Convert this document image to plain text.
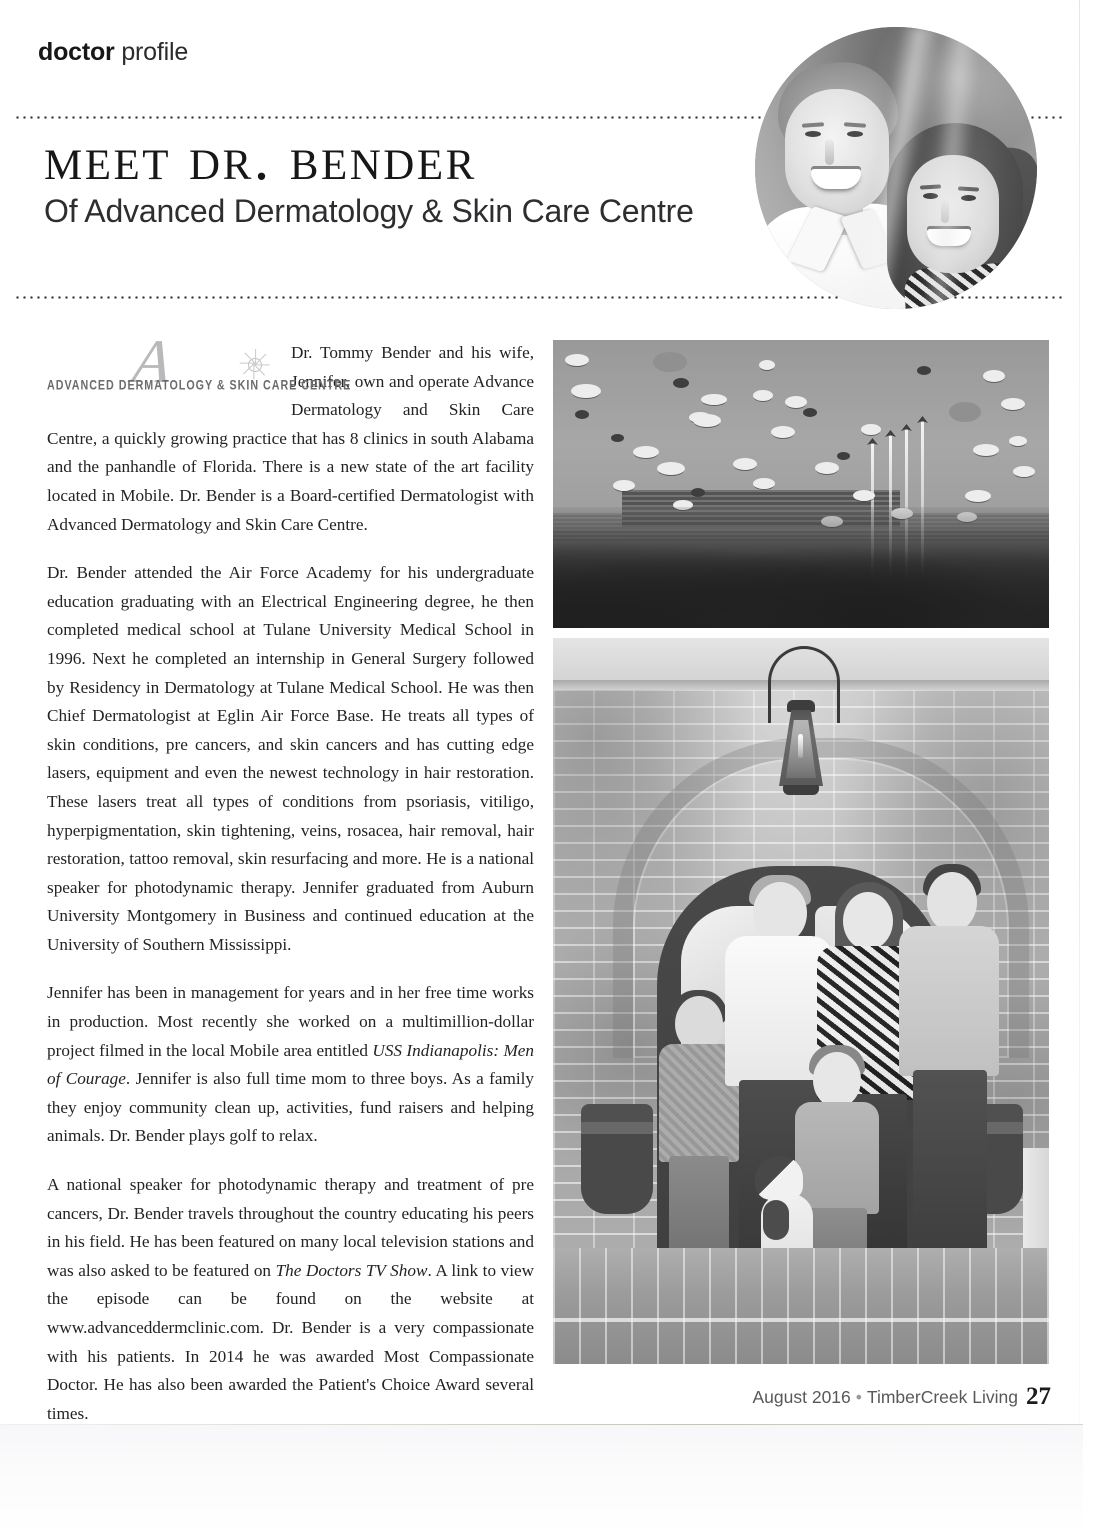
doctor profile
meet dr. bender
Of Advanced Dermatology & Skin Care Centre

A
ADVANCED DERMATOLOGY & SKIN CARE CENTRE
Dr. Tommy Bender and his wife, Jennifer, own and operate Advance Dermatology and Skin Care Centre, a quickly growing practice that has 8 clinics in south Alabama and the panhandle of Florida. There is a new state of the art facility located in Mobile. Dr. Bender is a Board-certified Dermatologist with Advanced Dermatology and Skin Care Centre.

Dr. Bender attended the Air Force Academy for his undergraduate education graduating with an Electrical Engineering degree, he then completed medical school at Tulane University Medical School in 1996. Next he completed an internship in General Surgery followed by Residency in Dermatology at Tulane Medical School. He was then Chief Dermatologist at Eglin Air Force Base. He treats all types of skin conditions, pre cancers, and skin cancers and has cutting edge lasers, equipment and even the newest technology in hair restoration. These lasers treat all types of conditions from psoriasis, vitiligo, hyperpigmentation, skin tightening, veins, rosacea, hair removal, hair restoration, tattoo removal, skin resurfacing and more. He is a national speaker for photodynamic therapy. Jennifer graduated from Auburn University Montgomery in Business and continued education at the University of Southern Mississippi.

Jennifer has been in management for years and in her free time works in production. Most recently she worked on a multimillion-dollar project filmed in the local Mobile area entitled USS Indianapolis: Men of Courage. Jennifer is also full time mom to three boys. As a family they enjoy community clean up, activities, fund raisers and helping animals. Dr. Bender plays golf to relax.

A national speaker for photodynamic therapy and treatment of pre cancers, Dr. Bender travels throughout the country educating his peers in his field. He has been featured on many local television stations and was also asked to be featured on The Doctors TV Show. A link to view the episode can be found on the website at www.advanceddermclinic.com. Dr. Bender is a very compassionate with his patients. In 2014 he was awarded Most Compassionate Doctor. He has also been awarded the Patient's Choice Award several times.

August 2016 • TimberCreek Living 27
